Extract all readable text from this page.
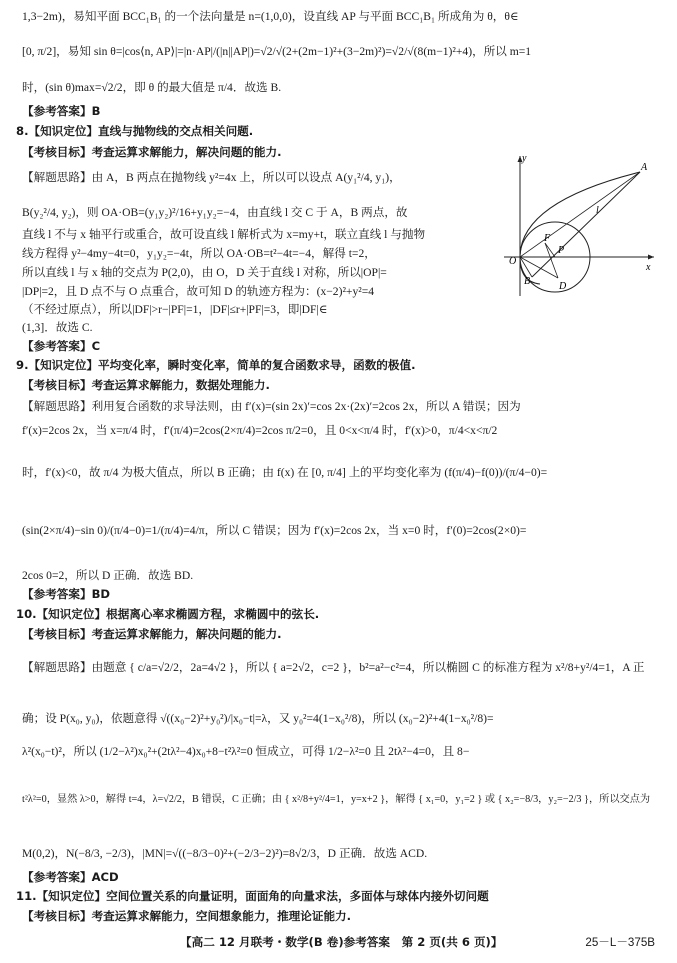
1,3−2m)，易知平面 BCC₁B₁ 的一个法向量是 n=(1,0,0)，设直线 AP 与平面 BCC₁B₁ 所成角为 θ，θ∈
[0, π/2]，易知 sin θ=|cos⟨n, AP⟩|=|n·AP|/(|n||AP|)=√2/√(2+(2m−1)²+(3−2m)²)=√2/√(8(m−1)²+4)，所以 m=1
时，(sin θ)max=√2/2，即 θ 的最大值是 π/4．故选 B.
【参考答案】B
8.【知识定位】直线与抛物线的交点相关问题.
【考核目标】考查运算求解能力，解决问题的能力.
【解题思路】由 A，B 两点在抛物线 y²=4x 上，所以可以设点 A(y₁²/4, y₁)，
B(y₂²/4, y₂)，则 OA·OB=(y₁y₂)²/16+y₁y₂=−4，由直线 l 交 C 于 A，B 两点，故
直线 l 不与 x 轴平行或重合，故可设直线 l 解析式为 x=my+t，联立直线 l 与抛物
线方程得 y²−4my−4t=0，y₁y₂=−4t，所以 OA·OB=t²−4t=−4，解得 t=2，
所以直线 l 与 x 轴的交点为 P(2,0)，由 O，D 关于直线 l 对称，所以|OP|=
|DP|=2，且 D 点不与 O 点重合，故可知 D 的轨迹方程为：(x−2)²+y²=4
（不经过原点），所以|DF|>r−|PF|=1，|DF|≤r+|PF|=3，即|DF|∈
(1,3]．故选 C.
【参考答案】C
9.【知识定位】平均变化率，瞬时变化率，简单的复合函数求导，函数的极值.
【考核目标】考查运算求解能力，数据处理能力.
【解题思路】利用复合函数的求导法则，由 f′(x)=(sin 2x)′=cos 2x·(2x)′=2cos 2x，所以 A 错误；因为
f′(x)=2cos 2x，当 x=π/4 时，f′(π/4)=2cos(2×π/4)=2cos π/2=0，且 0<x<π/4 时，f′(x)>0，π/4<x<π/2
时，f′(x)<0，故 π/4 为极大值点，所以 B 正确；由 f(x) 在 [0, π/4] 上的平均变化率为 (f(π/4)−f(0))/(π/4−0)=
(sin(2×π/4)−sin 0)/(π/4−0)=1/(π/4)=4/π，所以 C 错误；因为 f′(x)=2cos 2x，当 x=0 时，f′(0)=2cos(2×0)=
2cos 0=2，所以 D 正确．故选 BD.
【参考答案】BD
10.【知识定位】根据离心率求椭圆方程，求椭圆中的弦长.
【考核目标】考查运算求解能力，解决问题的能力.
【解题思路】由题意 { c/a=√2/2，2a=4√2 }，所以 { a=2√2，c=2 }，b²=a²−c²=4，所以椭圆 C 的标准方程为 x²/8+y²/4=1，A 正
确；设 P(x₀, y₀)，依题意得 √((x₀−2)²+y₀²)/|x₀−t|=λ，又 y₀²=4(1−x₀²/8)，所以 (x₀−2)²+4(1−x₀²/8)=
λ²(x₀−t)²，所以 (1/2−λ²)x₀²+(2tλ²−4)x₀+8−t²λ²=0 恒成立，可得 1/2−λ²=0 且 2tλ²−4=0，且 8−
t²λ²=0，显然 λ>0，解得 t=4，λ=√2/2，B 错误，C 正确；由 { x²/8+y²/4=1，y=x+2 }，解得 { x₁=0，y₁=2 } 或 { x₂=−8/3，y₂=−2/3 }，所以交点为
M(0,2)，N(−8/3, −2/3)，|MN|=√((−8/3−0)²+(−2/3−2)²)=8√2/3，D 正确．故选 ACD.
【参考答案】ACD
11.【知识定位】空间位置关系的向量证明，面面角的向量求法，多面体与球体内接外切问题
【考核目标】考查运算求解能力，空间想象能力，推理论证能力.
O
y
x
A
B	D
F
P
l
【高二 12 月联考・数学(B 卷)参考答案　第 2 页(共 6 页)】	25－L－375B
